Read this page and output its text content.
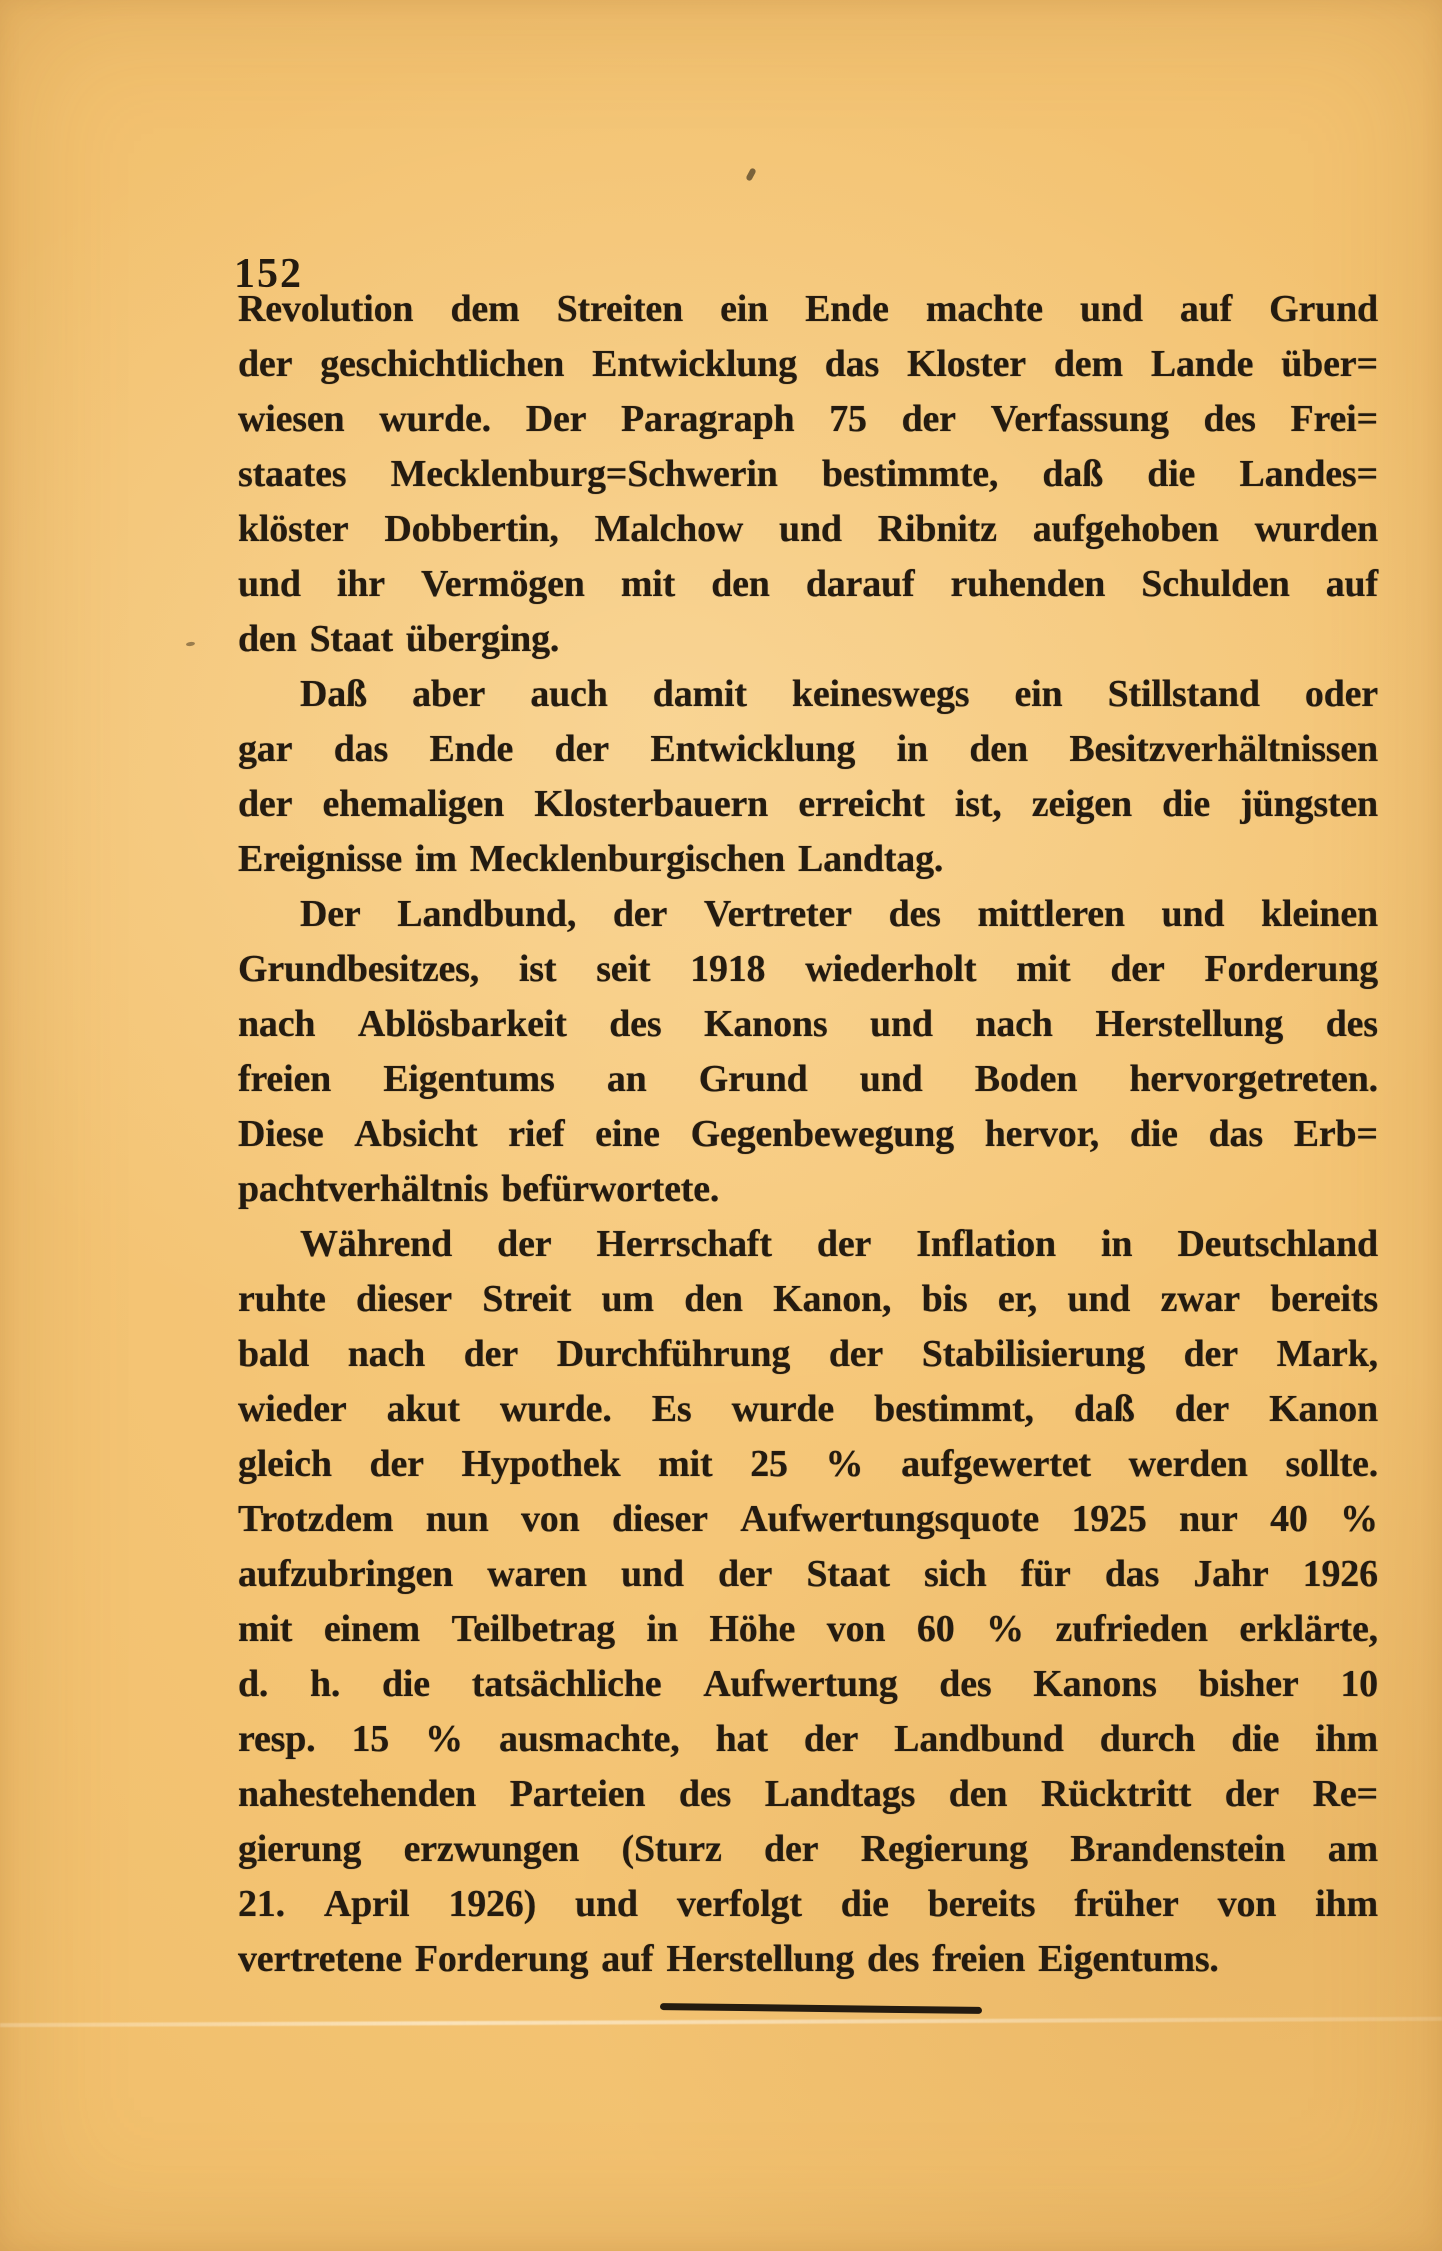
152
Revolution dem Streiten ein Ende machte und auf Grund
der geschichtlichen Entwicklung das Kloster dem Lande über=
wiesen wurde. Der Paragraph 75 der Verfassung des Frei=
staates Mecklenburg=Schwerin bestimmte, daß die Landes=
klöster Dobbertin, Malchow und Ribnitz aufgehoben wurden
und ihr Vermögen mit den darauf ruhenden Schulden auf
den Staat überging.
Daß aber auch damit keineswegs ein Stillstand oder
gar das Ende der Entwicklung in den Besitzverhältnissen
der ehemaligen Klosterbauern erreicht ist, zeigen die jüngsten
Ereignisse im Mecklenburgischen Landtag.
Der Landbund, der Vertreter des mittleren und kleinen
Grundbesitzes, ist seit 1918 wiederholt mit der Forderung
nach Ablösbarkeit des Kanons und nach Herstellung des
freien Eigentums an Grund und Boden hervorgetreten.
Diese Absicht rief eine Gegenbewegung hervor, die das Erb=
pachtverhältnis befürwortete.
Während der Herrschaft der Inflation in Deutschland
ruhte dieser Streit um den Kanon, bis er, und zwar bereits
bald nach der Durchführung der Stabilisierung der Mark,
wieder akut wurde. Es wurde bestimmt, daß der Kanon
gleich der Hypothek mit 25 % aufgewertet werden sollte.
Trotzdem nun von dieser Aufwertungsquote 1925 nur 40 %
aufzubringen waren und der Staat sich für das Jahr 1926
mit einem Teilbetrag in Höhe von 60 % zufrieden erklärte,
d. h. die tatsächliche Aufwertung des Kanons bisher 10
resp. 15 % ausmachte, hat der Landbund durch die ihm
nahestehenden Parteien des Landtags den Rücktritt der Re=
gierung erzwungen (Sturz der Regierung Brandenstein am
21. April 1926) und verfolgt die bereits früher von ihm
vertretene Forderung auf Herstellung des freien Eigentums.
